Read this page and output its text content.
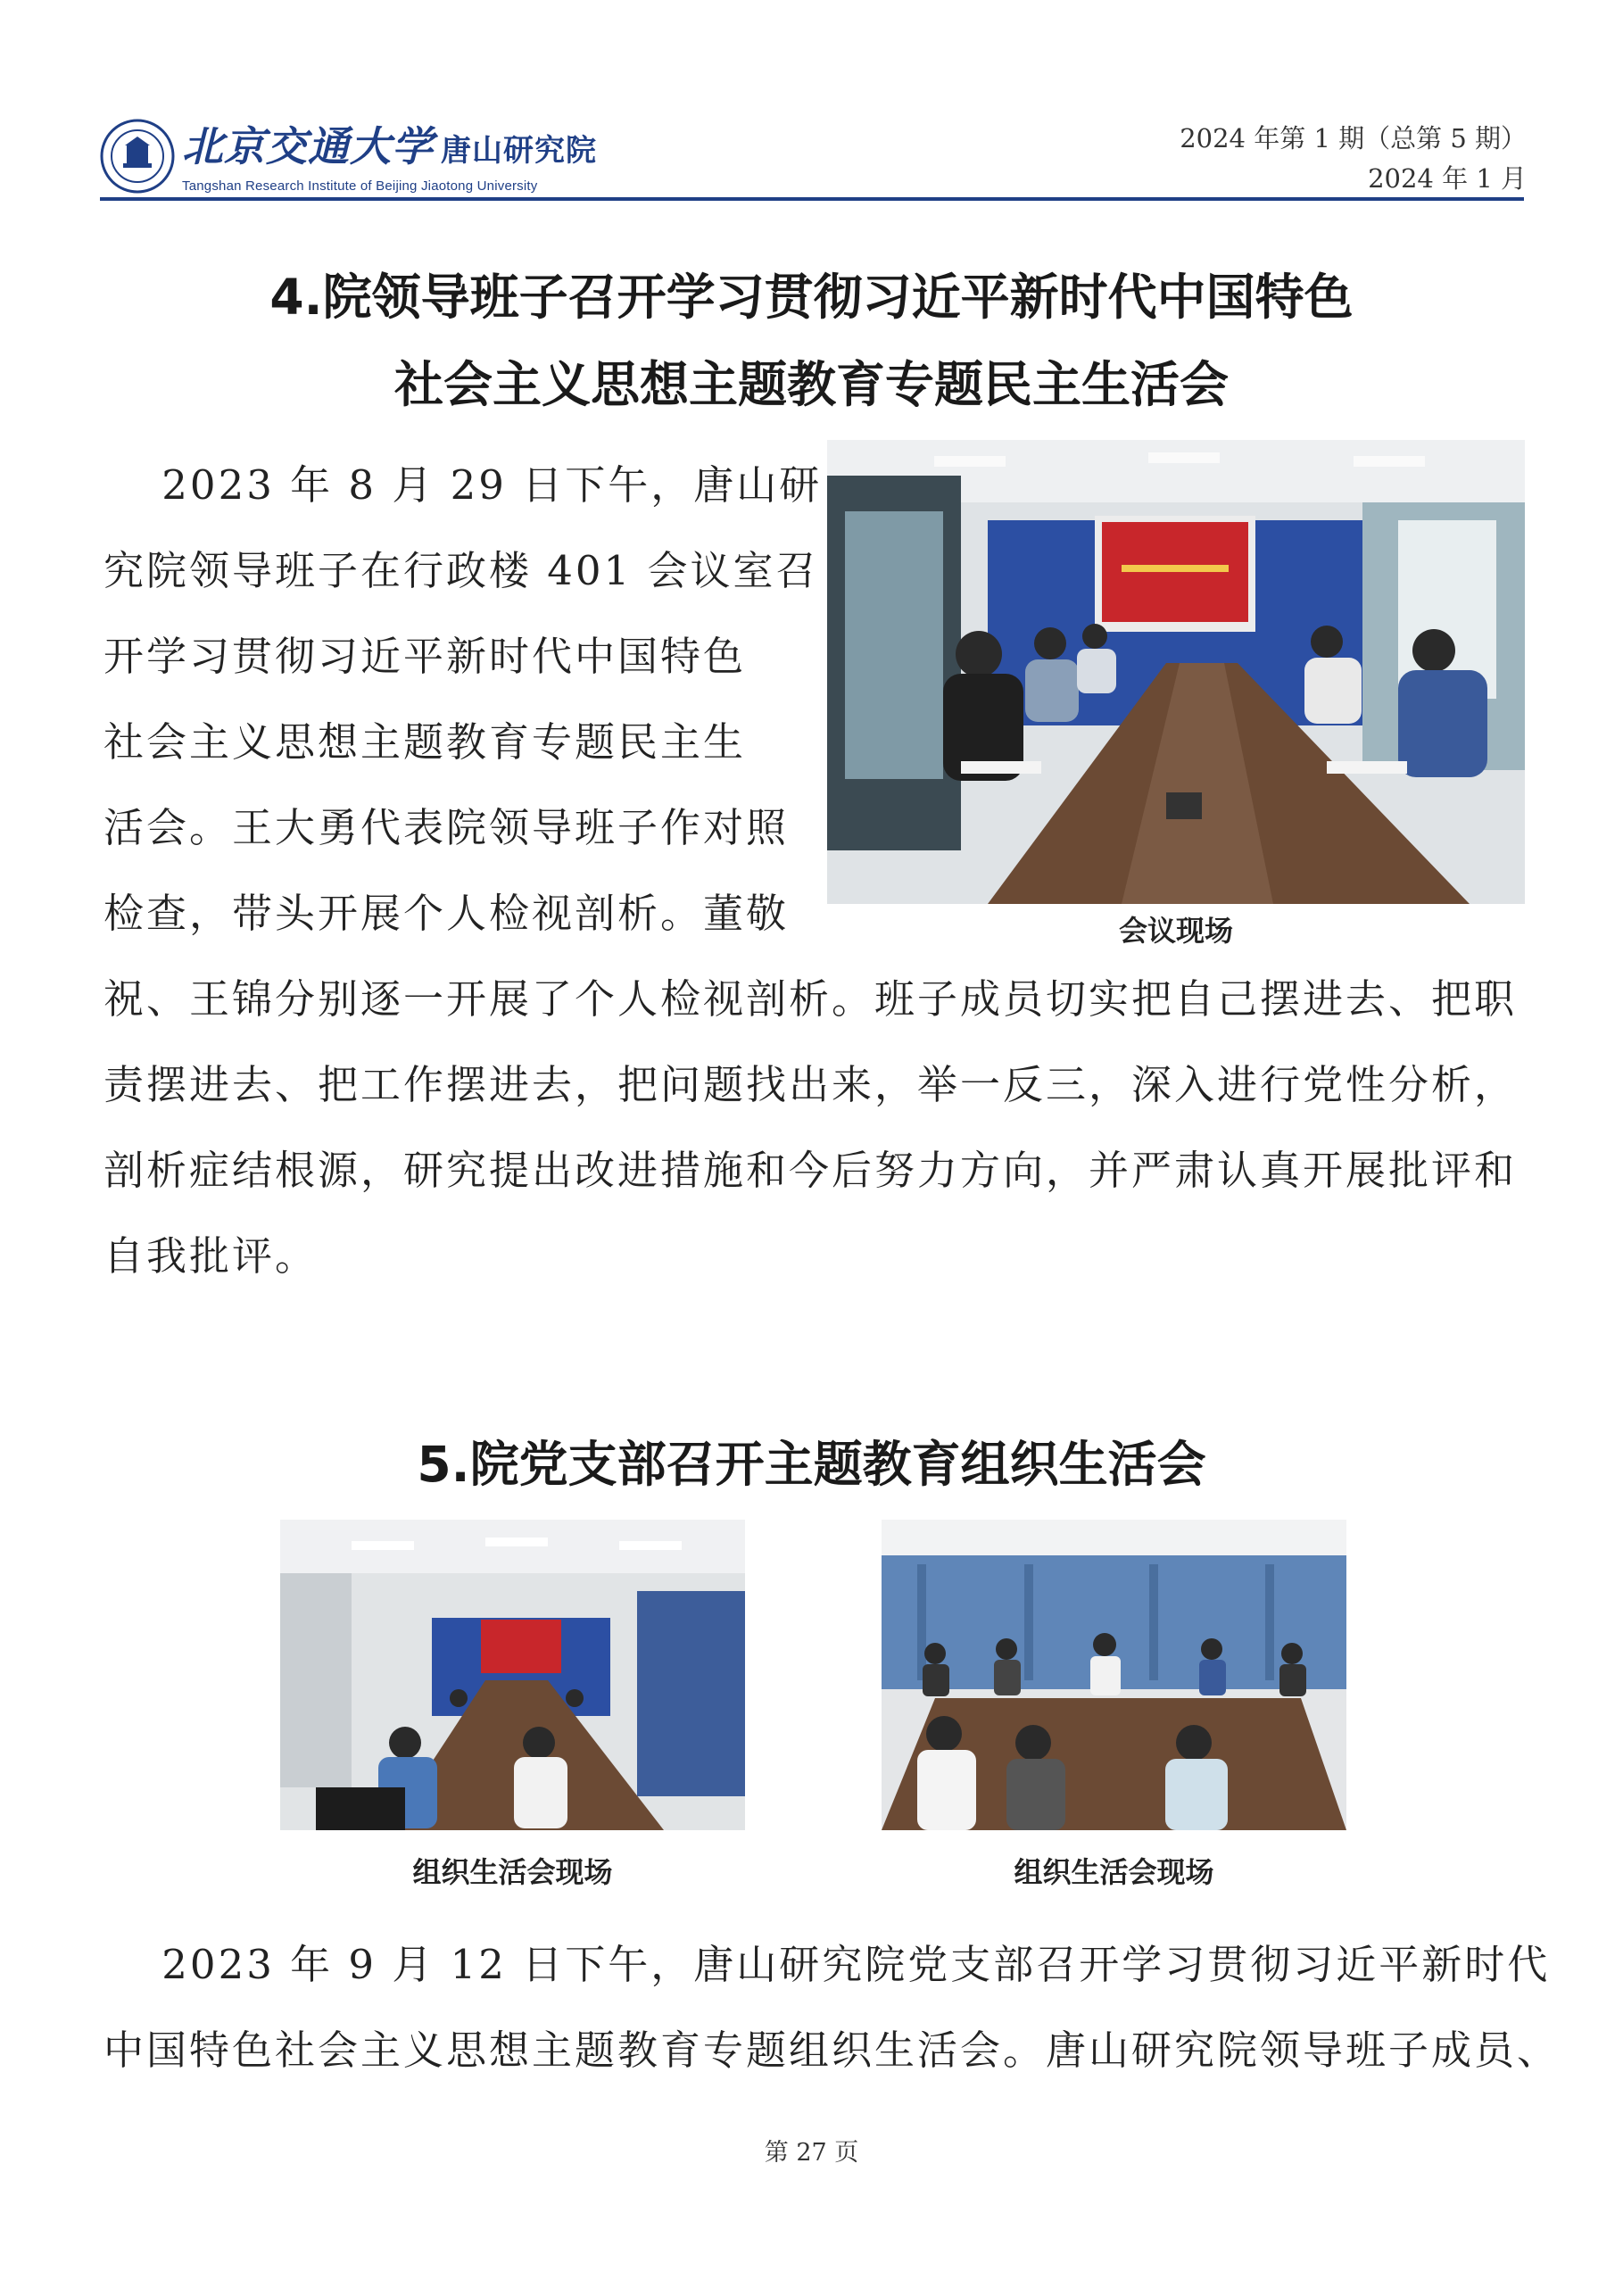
北京交通大学 唐山研究院
Tangshan Research Institute of Beijing Jiaotong University
2024 年第 1 期（总第 5 期）
2024 年 1 月
4.院领导班子召开学习贯彻习近平新时代中国特色
社会主义思想主题教育专题民主生活会
　 2023 年 8 月 29 日下午，唐山研
究院领导班子在行政楼 401 会议室召
开学习贯彻习近平新时代中国特色
社会主义思想主题教育专题民主生
活会。王大勇代表院领导班子作对照
检查，带头开展个人检视剖析。董敬
祝、王锦分别逐一开展了个人检视剖析。班子成员切实把自己摆进去、把职
责摆进去、把工作摆进去，把问题找出来，举一反三，深入进行党性分析，
剖析症结根源，研究提出改进措施和今后努力方向，并严肃认真开展批评和
自我批评。
会议现场
5.院党支部召开主题教育组织生活会
组织生活会现场	组织生活会现场
　 2023 年 9 月 12 日下午，唐山研究院党支部召开学习贯彻习近平新时代
中国特色社会主义思想主题教育专题组织生活会。唐山研究院领导班子成员、
第 27 页
